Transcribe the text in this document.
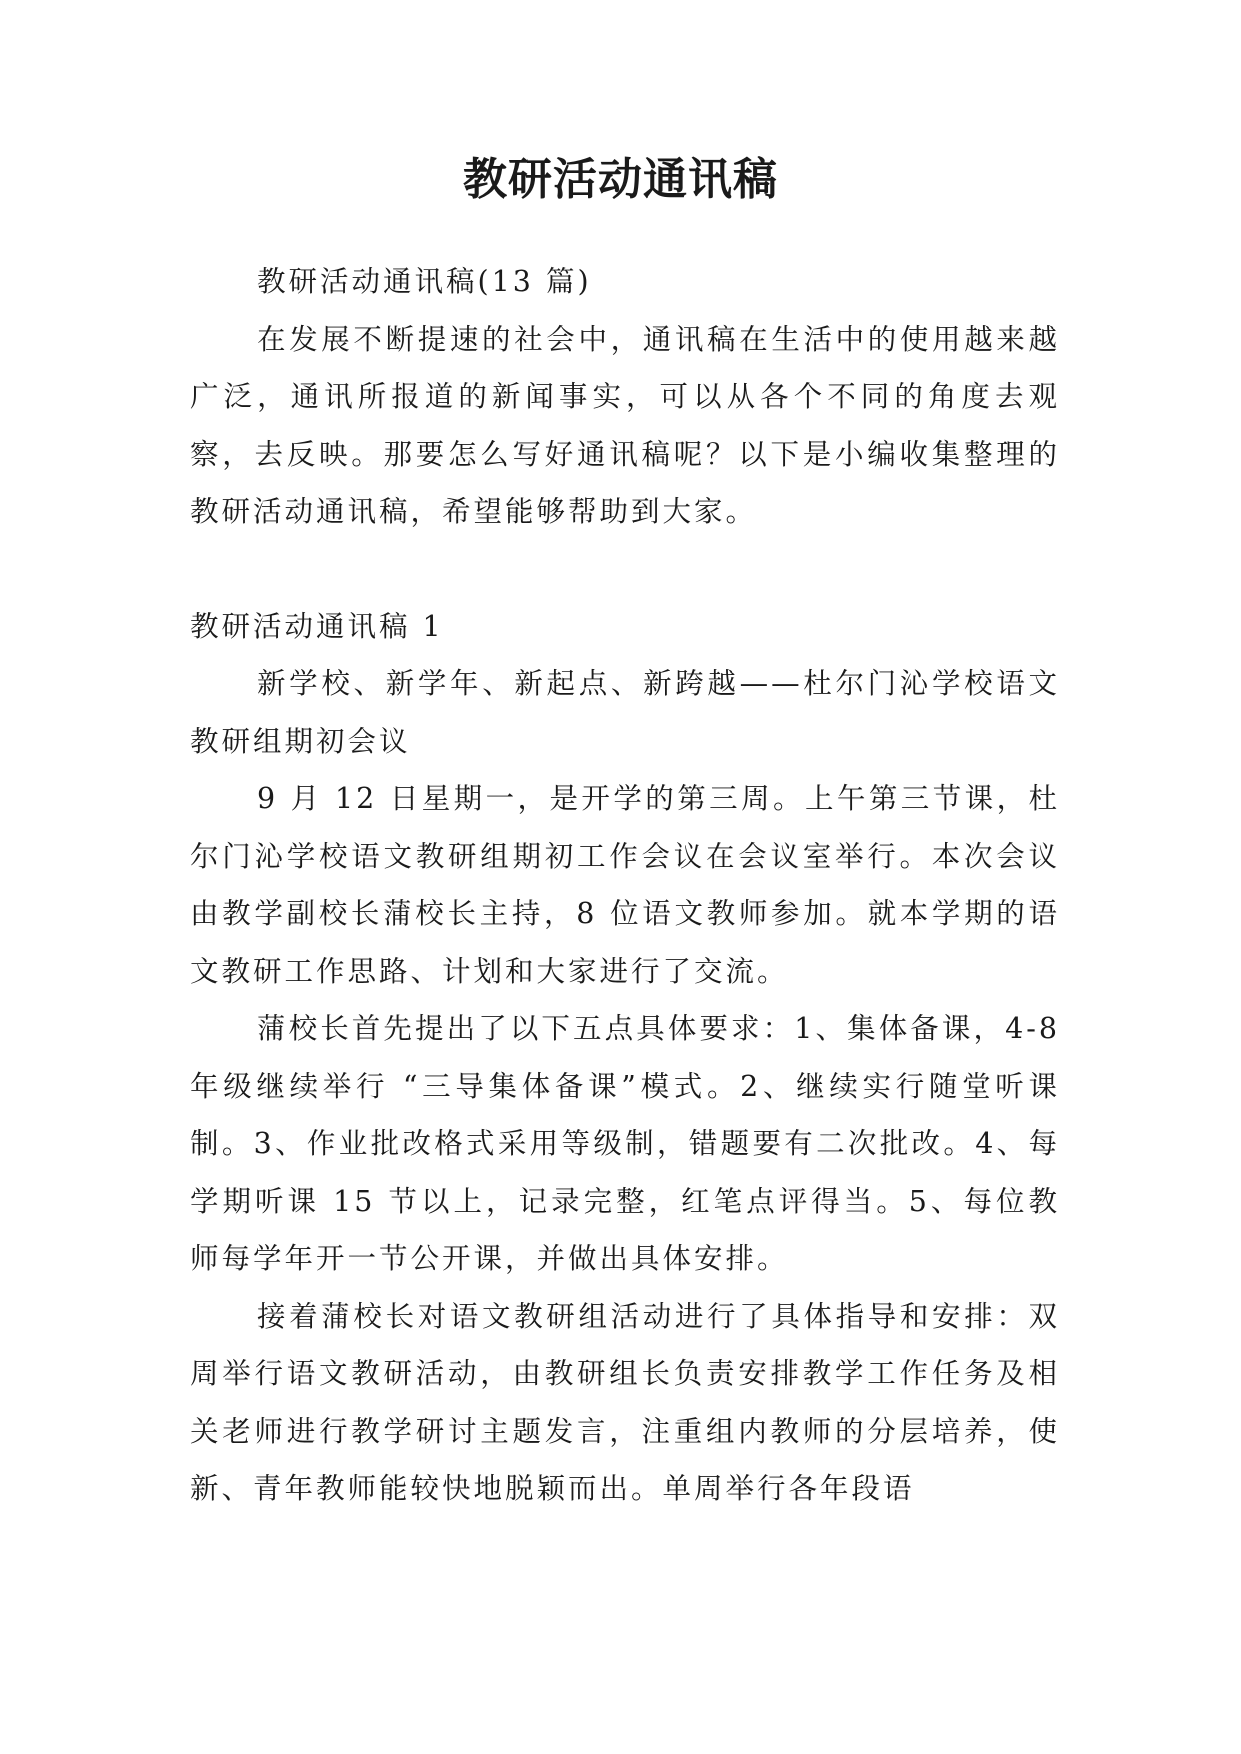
教研活动通讯稿

教研活动通讯稿(13 篇)

在发展不断提速的社会中，通讯稿在生活中的使用越来越广泛，通讯所报道的新闻事实，可以从各个不同的角度去观察，去反映。那要怎么写好通讯稿呢？以下是小编收集整理的教研活动通讯稿，希望能够帮助到大家。

教研活动通讯稿 1

新学校、新学年、新起点、新跨越——杜尔门沁学校语文教研组期初会议

9 月 12 日星期一，是开学的第三周。上午第三节课，杜尔门沁学校语文教研组期初工作会议在会议室举行。本次会议由教学副校长蒲校长主持，8 位语文教师参加。就本学期的语文教研工作思路、计划和大家进行了交流。

蒲校长首先提出了以下五点具体要求：1、集体备课，4-8 年级继续举行 “三导集体备课”模式。2、继续实行随堂听课制。3、作业批改格式采用等级制，错题要有二次批改。4、每学期听课 15 节以上，记录完整，红笔点评得当。5、每位教师每学年开一节公开课，并做出具体安排。

接着蒲校长对语文教研组活动进行了具体指导和安排：双周举行语文教研活动，由教研组长负责安排教学工作任务及相关老师进行教学研讨主题发言，注重组内教师的分层培养，使新、青年教师能较快地脱颖而出。单周举行各年段语
